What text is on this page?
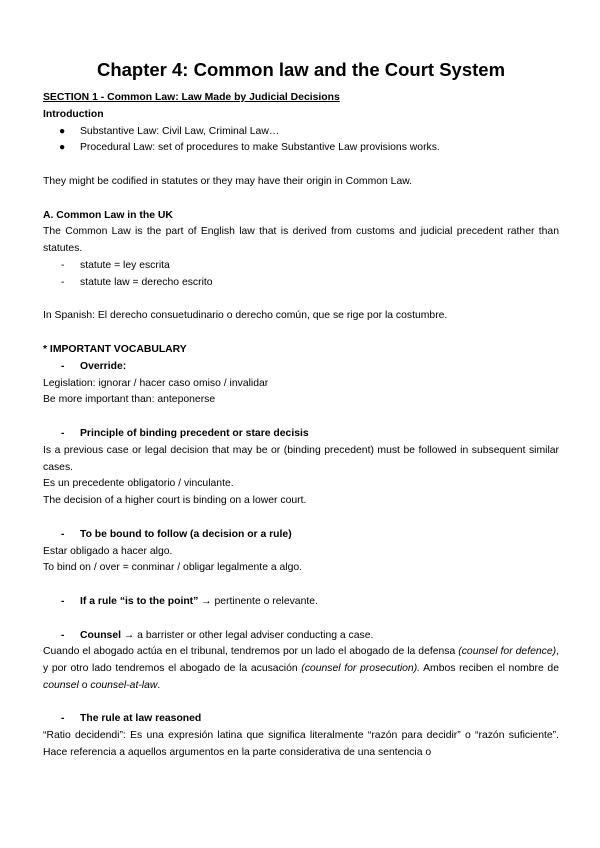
Chapter 4: Common law and the Court System

SECTION 1 - Common Law: Law Made by Judicial Decisions

Introduction

● Substantive Law: Civil Law, Criminal Law…
● Procedural Law: set of procedures to make Substantive Law provisions works.

They might be codified in statutes or they may have their origin in Common Law.

A. Common Law in the UK

The Common Law is the part of English law that is derived from customs and judicial precedent rather than statutes.

- statute = ley escrita
- statute law = derecho escrito

In Spanish: El derecho consuetudinario o derecho común, que se rige por la costumbre.

* IMPORTANT VOCABULARY

- Override:

Legislation: ignorar / hacer caso omiso / invalidar

Be more important than: anteponerse

- Principle of binding precedent or stare decisis

Is a previous case or legal decision that may be or (binding precedent) must be followed in subsequent similar cases.

Es un precedente obligatorio / vinculante.

The decision of a higher court is binding on a lower court.

- To be bound to follow (a decision or a rule)

Estar obligado a hacer algo.

To bind on / over = conminar / obligar legalmente a algo.

- If a rule “is to the point” → pertinente o relevante.
- Counsel → a barrister or other legal adviser conducting a case.

Cuando el abogado actúa en el tribunal, tendremos por un lado el abogado de la defensa (counsel for defence), y por otro lado tendremos el abogado de la acusación (counsel for prosecution). Ambos reciben el nombre de counsel o counsel-at-law.

- The rule at law reasoned

“Ratio decidendi”: Es una expresión latina que significa literalmente “razón para decidir” o “razón suficiente”. Hace referencia a aquellos argumentos en la parte considerativa de una sentencia o
